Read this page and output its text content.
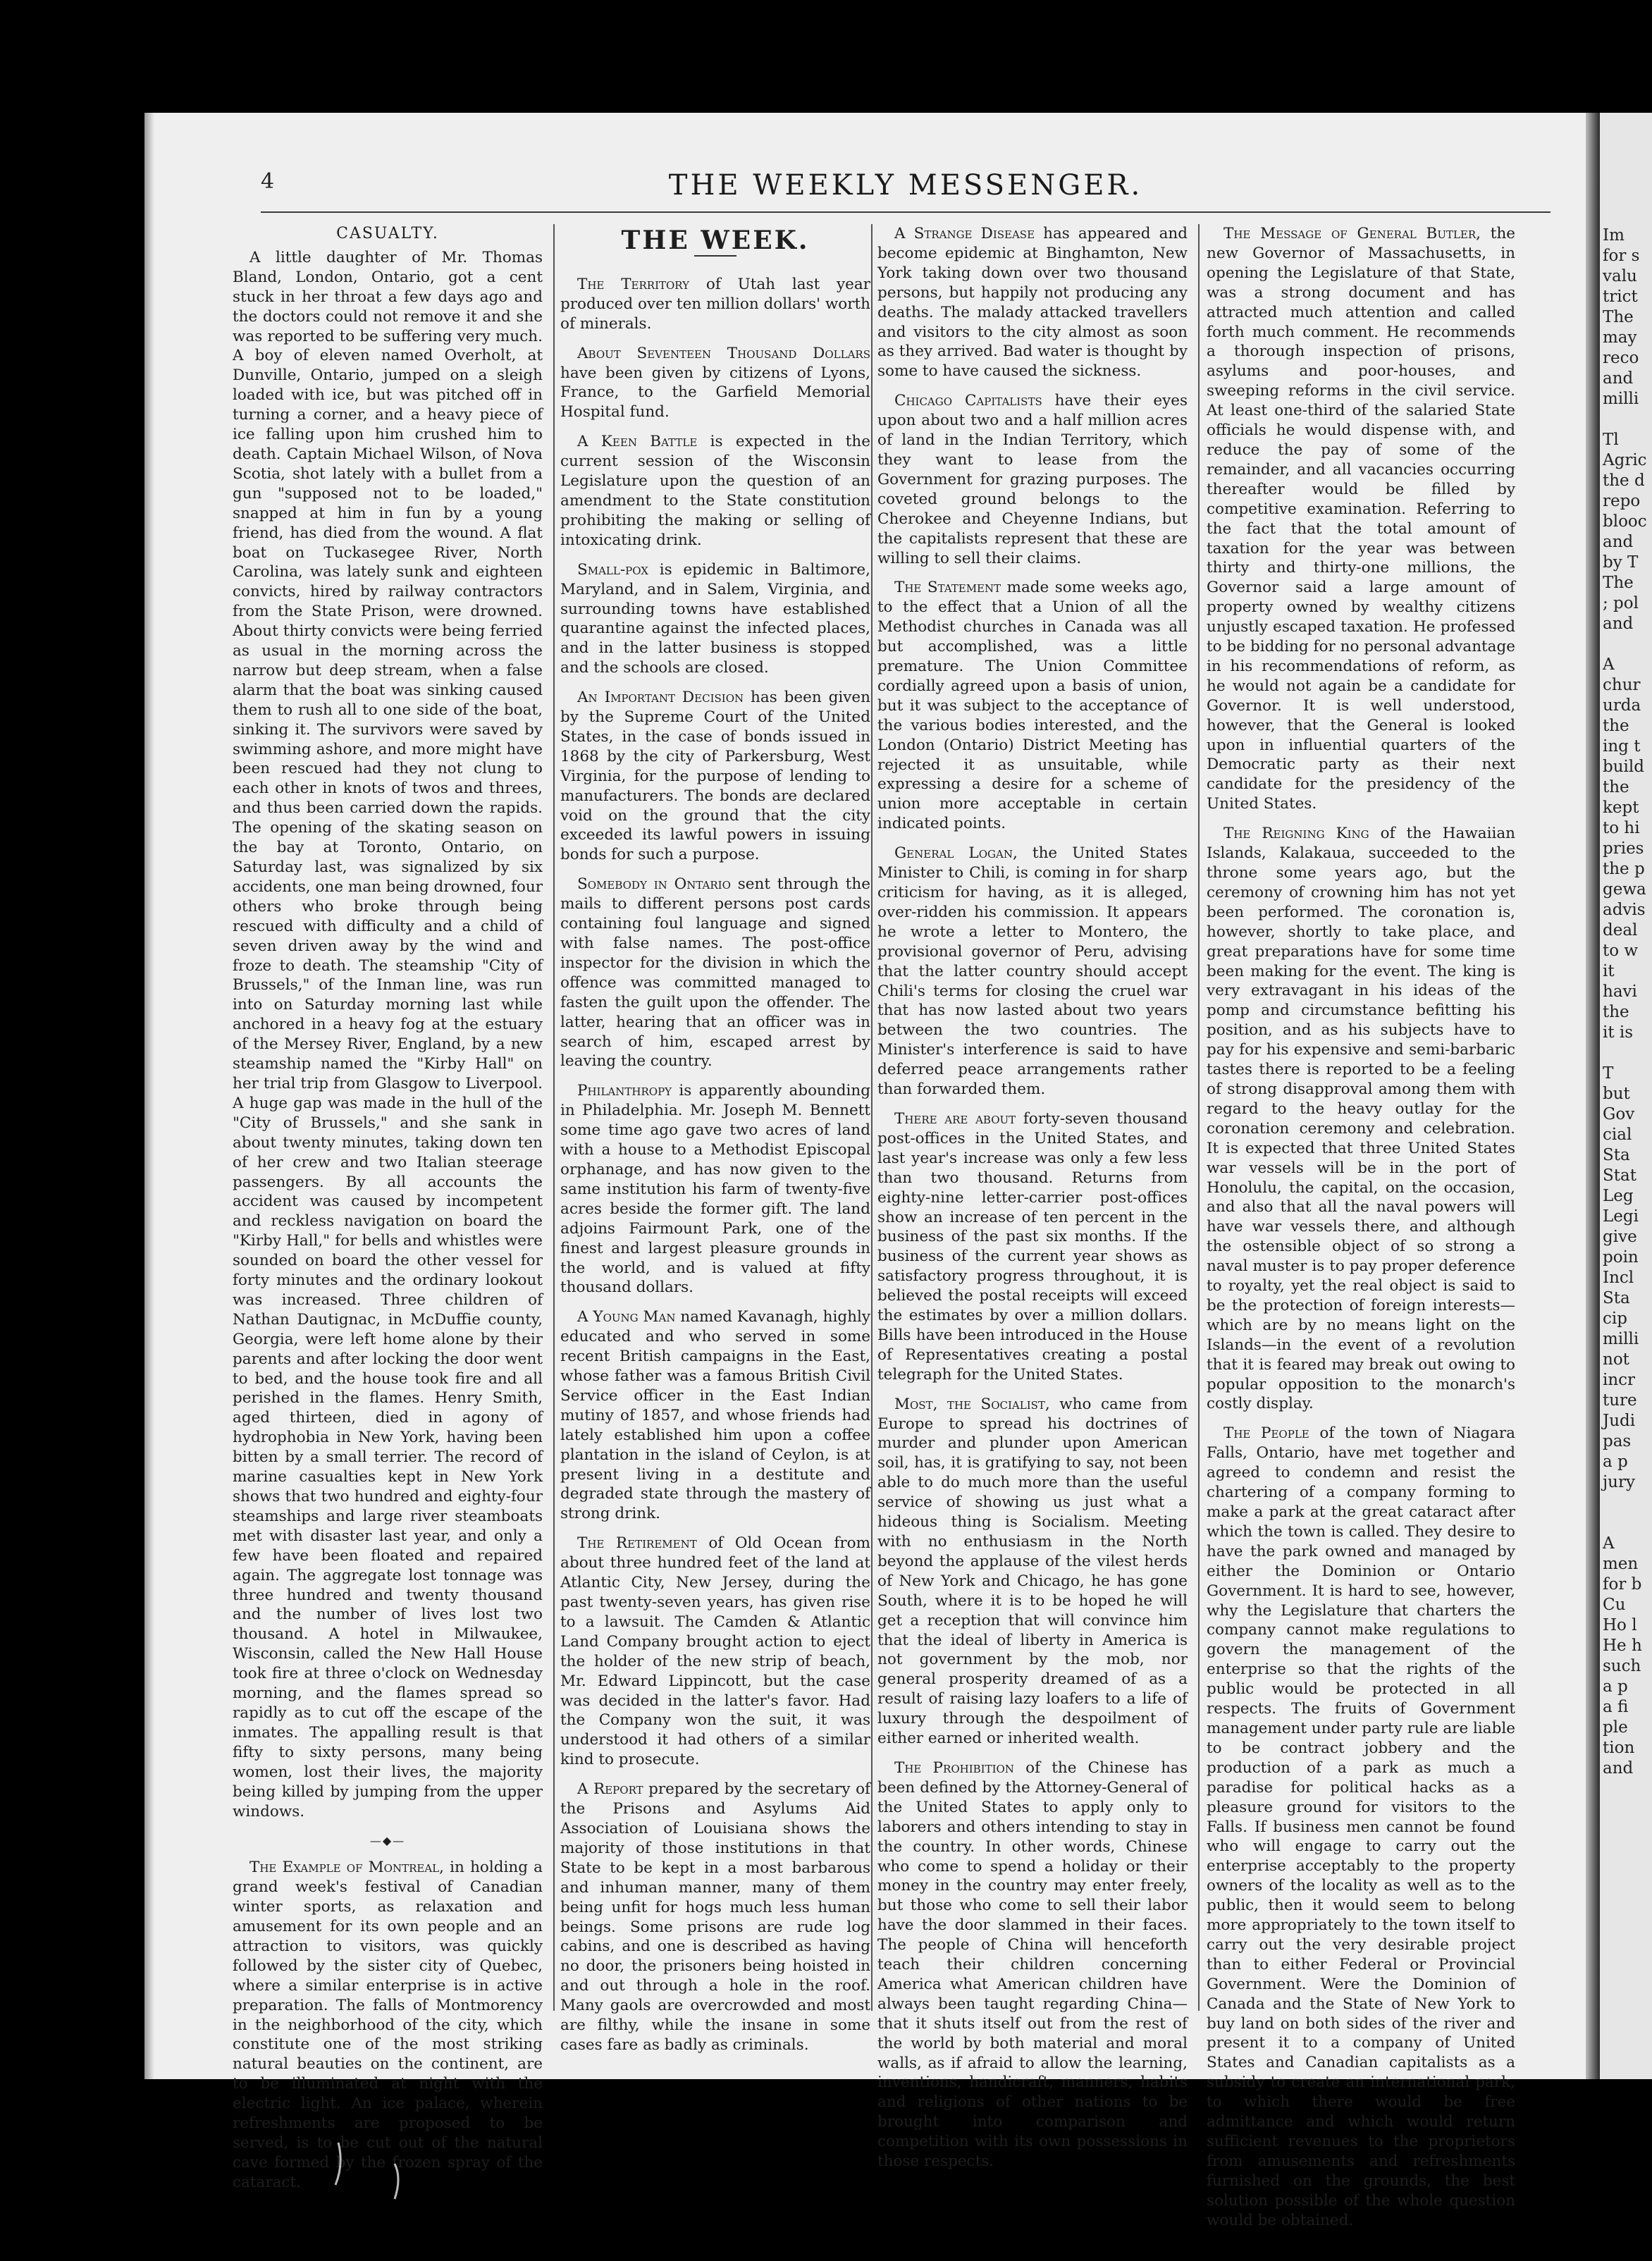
Im
for s
valu
trict
The
may
reco
and
milli
Tl
Agric
the d
repo
blooc
and
by T
The
; pol
and
A
chur
urda
the
ing t
build
the
kept
to hi
pries
the p
gewa
advis
deal
to w
it
havi
the
it is
T
but
Gov
cial
Sta
Stat
Leg
Legi
give
poin
Incl
Sta
cip
milli
not
incr
ture
Judi
pas
a p
jury
A
men
for b
Cu
Ho l
He h
such
a p
a fi
ple
tion
and
4	THE WEEKLY MESSENGER.
CASUALTY.

A little daughter of Mr. Thomas Bland, London, Ontario, got a cent stuck in her throat a few days ago and the doctors could not remove it and she was reported to be suffering very much. A boy of eleven named Overholt, at Dunville, Ontario, jumped on a sleigh loaded with ice, but was pitched off in turning a corner, and a heavy piece of ice falling upon him crushed him to death. Captain Michael Wilson, of Nova Scotia, shot lately with a bullet from a gun "supposed not to be loaded," snapped at him in fun by a young friend, has died from the wound. A flat boat on Tuckasegee River, North Carolina, was lately sunk and eighteen convicts, hired by railway contractors from the State Prison, were drowned. About thirty convicts were being ferried as usual in the morning across the narrow but deep stream, when a false alarm that the boat was sinking caused them to rush all to one side of the boat, sinking it. The survivors were saved by swimming ashore, and more might have been rescued had they not clung to each other in knots of twos and threes, and thus been carried down the rapids. The opening of the skating season on the bay at Toronto, Ontario, on Saturday last, was signalized by six accidents, one man being drowned, four others who broke through being rescued with difficulty and a child of seven driven away by the wind and froze to death. The steamship "City of Brussels," of the Inman line, was run into on Saturday morning last while anchored in a heavy fog at the estuary of the Mersey River, England, by a new steamship named the "Kirby Hall" on her trial trip from Glasgow to Liverpool. A huge gap was made in the hull of the "City of Brussels," and she sank in about twenty minutes, taking down ten of her crew and two Italian steerage passengers. By all accounts the accident was caused by incompetent and reckless navigation on board the "Kirby Hall," for bells and whistles were sounded on board the other vessel for forty minutes and the ordinary lookout was increased. Three children of Nathan Dautignac, in McDuffie county, Georgia, were left home alone by their parents and after locking the door went to bed, and the house took fire and all perished in the flames. Henry Smith, aged thirteen, died in agony of hydrophobia in New York, having been bitten by a small terrier. The record of marine casualties kept in New York shows that two hundred and eighty-four steamships and large river steamboats met with disaster last year, and only a few have been floated and repaired again. The aggregate lost tonnage was three hundred and twenty thousand and the number of lives lost two thousand. A hotel in Milwaukee, Wisconsin, called the New Hall House took fire at three o'clock on Wednesday morning, and the flames spread so rapidly as to cut off the escape of the inmates. The appalling result is that fifty to sixty persons, many being women, lost their lives, the majority being killed by jumping from the upper windows.

—◆—

The Example of Montreal, in holding a grand week's festival of Canadian winter sports, as relaxation and amusement for its own people and an attraction to visitors, was quickly followed by the sister city of Quebec, where a similar enterprise is in active preparation. The falls of Montmorency in the neighborhood of the city, which constitute one of the most striking natural beauties on the continent, are to be illuminated at night with the electric light. An ice palace, wherein refreshments are proposed to be served, is to be cut out of the natural cave formed by the frozen spray of the cataract.

THE WEEK.

The Territory of Utah last year produced over ten million dollars' worth of minerals.

About Seventeen Thousand Dollars have been given by citizens of Lyons, France, to the Garfield Memorial Hospital fund.

A Keen Battle is expected in the current session of the Wisconsin Legislature upon the question of an amendment to the State constitution prohibiting the making or selling of intoxicating drink.

Small-pox is epidemic in Baltimore, Maryland, and in Salem, Virginia, and surrounding towns have established quarantine against the infected places, and in the latter business is stopped and the schools are closed.

An Important Decision has been given by the Supreme Court of the United States, in the case of bonds issued in 1868 by the city of Parkersburg, West Virginia, for the purpose of lending to manufacturers. The bonds are declared void on the ground that the city exceeded its lawful powers in issuing bonds for such a purpose.

Somebody in Ontario sent through the mails to different persons post cards containing foul language and signed with false names. The post-office inspector for the division in which the offence was committed managed to fasten the guilt upon the offender. The latter, hearing that an officer was in search of him, escaped arrest by leaving the country.

Philanthropy is apparently abounding in Philadelphia. Mr. Joseph M. Bennett some time ago gave two acres of land with a house to a Methodist Episcopal orphanage, and has now given to the same institution his farm of twenty-five acres beside the former gift. The land adjoins Fairmount Park, one of the finest and largest pleasure grounds in the world, and is valued at fifty thousand dollars.

A Young Man named Kavanagh, highly educated and who served in some recent British campaigns in the East, whose father was a famous British Civil Service officer in the East Indian mutiny of 1857, and whose friends had lately established him upon a coffee plantation in the island of Ceylon, is at present living in a destitute and degraded state through the mastery of strong drink.

The Retirement of Old Ocean from about three hundred feet of the land at Atlantic City, New Jersey, during the past twenty-seven years, has given rise to a lawsuit. The Camden & Atlantic Land Company brought action to eject the holder of the new strip of beach, Mr. Edward Lippincott, but the case was decided in the latter's favor. Had the Company won the suit, it was understood it had others of a similar kind to prosecute.

A Report prepared by the secretary of the Prisons and Asylums Aid Association of Louisiana shows the majority of those institutions in that State to be kept in a most barbarous and inhuman manner, many of them being unfit for hogs much less human beings. Some prisons are rude log cabins, and one is described as having no door, the prisoners being hoisted in and out through a hole in the roof. Many gaols are overcrowded and most are filthy, while the insane in some cases fare as badly as criminals.

A Strange Disease has appeared and become epidemic at Binghamton, New York taking down over two thousand persons, but happily not producing any deaths. The malady attacked travellers and visitors to the city almost as soon as they arrived. Bad water is thought by some to have caused the sickness.

Chicago Capitalists have their eyes upon about two and a half million acres of land in the Indian Territory, which they want to lease from the Government for grazing purposes. The coveted ground belongs to the Cherokee and Cheyenne Indians, but the capitalists represent that these are willing to sell their claims.

The Statement made some weeks ago, to the effect that a Union of all the Methodist churches in Canada was all but accomplished, was a little premature. The Union Committee cordially agreed upon a basis of union, but it was subject to the acceptance of the various bodies interested, and the London (Ontario) District Meeting has rejected it as unsuitable, while expressing a desire for a scheme of union more acceptable in certain indicated points.

General Logan, the United States Minister to Chili, is coming in for sharp criticism for having, as it is alleged, over-ridden his commission. It appears he wrote a letter to Montero, the provisional governor of Peru, advising that the latter country should accept Chili's terms for closing the cruel war that has now lasted about two years between the two countries. The Minister's interference is said to have deferred peace arrangements rather than forwarded them.

There are about forty-seven thousand post-offices in the United States, and last year's increase was only a few less than two thousand. Returns from eighty-nine letter-carrier post-offices show an increase of ten percent in the business of the past six months. If the business of the current year shows as satisfactory progress throughout, it is believed the postal receipts will exceed the estimates by over a million dollars. Bills have been introduced in the House of Representatives creating a postal telegraph for the United States.

Most, the Socialist, who came from Europe to spread his doctrines of murder and plunder upon American soil, has, it is gratifying to say, not been able to do much more than the useful service of showing us just what a hideous thing is Socialism. Meeting with no enthusiasm in the North beyond the applause of the vilest herds of New York and Chicago, he has gone South, where it is to be hoped he will get a reception that will convince him that the ideal of liberty in America is not government by the mob, nor general prosperity dreamed of as a result of raising lazy loafers to a life of luxury through the despoilment of either earned or inherited wealth.

The Prohibition of the Chinese has been defined by the Attorney-General of the United States to apply only to laborers and others intending to stay in the country. In other words, Chinese who come to spend a holiday or their money in the country may enter freely, but those who come to sell their labor have the door slammed in their faces. The people of China will henceforth teach their children concerning America what American children have always been taught regarding China—that it shuts itself out from the rest of the world by both material and moral walls, as if afraid to allow the learning, inventions, handicraft, manners, habits and religions of other nations to be brought into comparison and competition with its own possessions in those respects.

The Message of General Butler, the new Governor of Massachusetts, in opening the Legislature of that State, was a strong document and has attracted much attention and called forth much comment. He recommends a thorough inspection of prisons, asylums and poor-houses, and sweeping reforms in the civil service. At least one-third of the salaried State officials he would dispense with, and reduce the pay of some of the remainder, and all vacancies occurring thereafter would be filled by competitive examination. Referring to the fact that the total amount of taxation for the year was between thirty and thirty-one millions, the Governor said a large amount of property owned by wealthy citizens unjustly escaped taxation. He professed to be bidding for no personal advantage in his recommendations of reform, as he would not again be a candidate for Governor. It is well understood, however, that the General is looked upon in influential quarters of the Democratic party as their next candidate for the presidency of the United States.

The Reigning King of the Hawaiian Islands, Kalakaua, succeeded to the throne some years ago, but the ceremony of crowning him has not yet been performed. The coronation is, however, shortly to take place, and great preparations have for some time been making for the event. The king is very extravagant in his ideas of the pomp and circumstance befitting his position, and as his subjects have to pay for his expensive and semi-barbaric tastes there is reported to be a feeling of strong disapproval among them with regard to the heavy outlay for the coronation ceremony and celebration. It is expected that three United States war vessels will be in the port of Honolulu, the capital, on the occasion, and also that all the naval powers will have war vessels there, and although the ostensible object of so strong a naval muster is to pay proper deference to royalty, yet the real object is said to be the protection of foreign interests—which are by no means light on the Islands—in the event of a revolution that it is feared may break out owing to popular opposition to the monarch's costly display.

The People of the town of Niagara Falls, Ontario, have met together and agreed to condemn and resist the chartering of a company forming to make a park at the great cataract after which the town is called. They desire to have the park owned and managed by either the Dominion or Ontario Government. It is hard to see, however, why the Legislature that charters the company cannot make regulations to govern the management of the enterprise so that the rights of the public would be protected in all respects. The fruits of Government management under party rule are liable to be contract jobbery and the production of a park as much a paradise for political hacks as a pleasure ground for visitors to the Falls. If business men cannot be found who will engage to carry out the enterprise acceptably to the property owners of the locality as well as to the public, then it would seem to belong more appropriately to the town itself to carry out the very desirable project than to either Federal or Provincial Government. Were the Dominion of Canada and the State of New York to buy land on both sides of the river and present it to a company of United States and Canadian capitalists as a subsidy to create an international park, to which there would be free admittance and which would return sufficient revenues to the proprietors from amusements and refreshments furnished on the grounds, the best solution possible of the whole question would be obtained.
